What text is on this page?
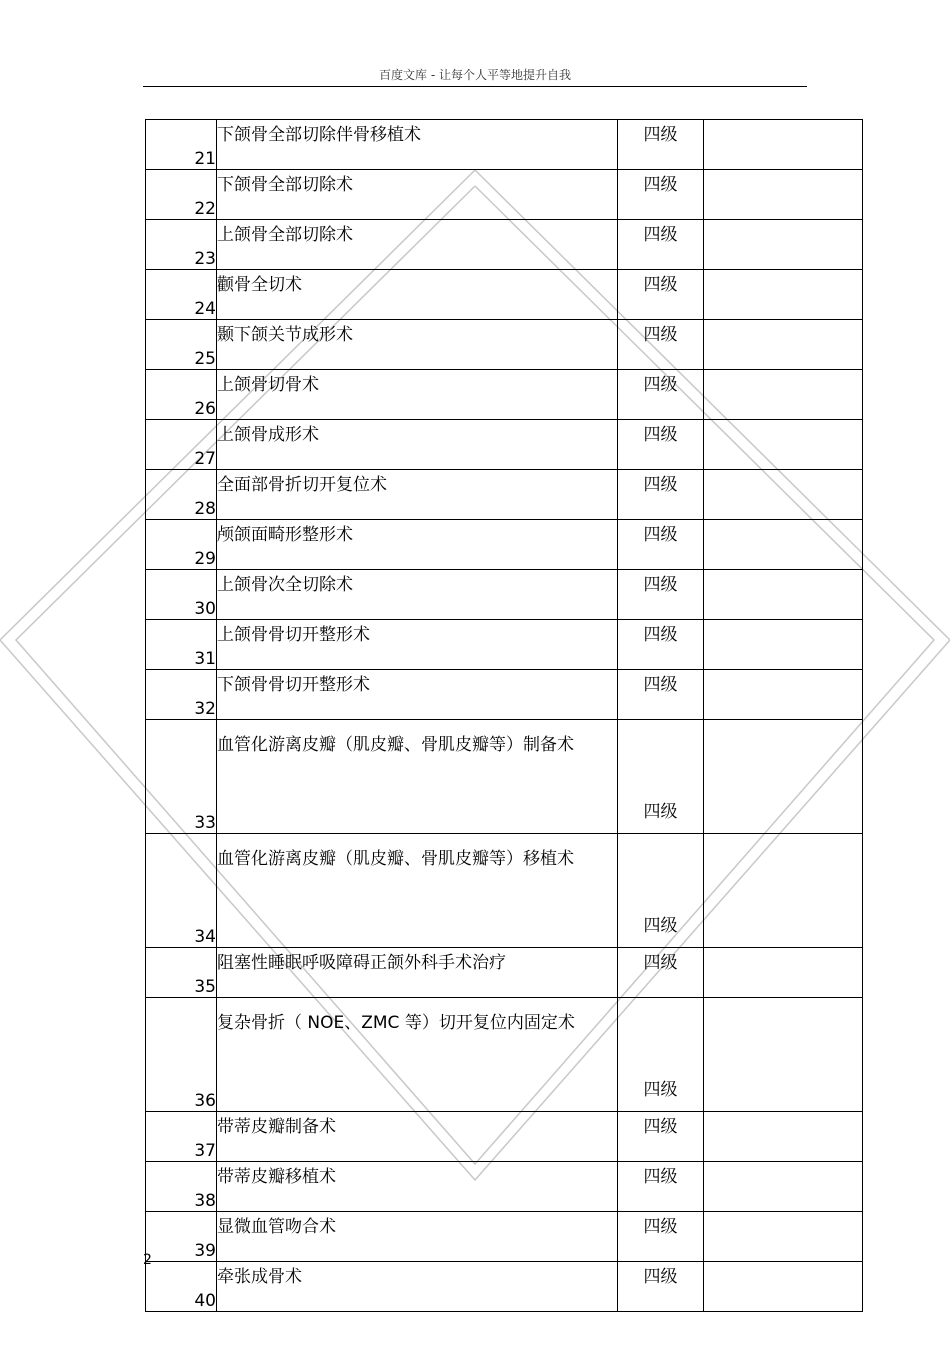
百度文库 - 让每个人平等地提升自我
21	下颌骨全部切除伴骨移植术	四级	
22	下颌骨全部切除术	四级	
23	上颌骨全部切除术	四级	
24	颧骨全切术	四级	
25	颞下颌关节成形术	四级	
26	上颌骨切骨术	四级	
27	上颌骨成形术	四级	
28	全面部骨折切开复位术	四级	
29	颅颌面畸形整形术	四级	
30	上颌骨次全切除术	四级	
31	上颌骨骨切开整形术	四级	
32	下颌骨骨切开整形术	四级	
33	血管化游离皮瓣（肌皮瓣、骨肌皮瓣等）制备术	四级	
34	血管化游离皮瓣（肌皮瓣、骨肌皮瓣等）移植术	四级	
35	阻塞性睡眠呼吸障碍正颌外科手术治疗	四级	
36	复杂骨折（ NOE、ZMC 等）切开复位内固定术	四级	
37	带蒂皮瓣制备术	四级	
38	带蒂皮瓣移植术	四级	
39	显微血管吻合术	四级	
40	牵张成骨术	四级	
2
